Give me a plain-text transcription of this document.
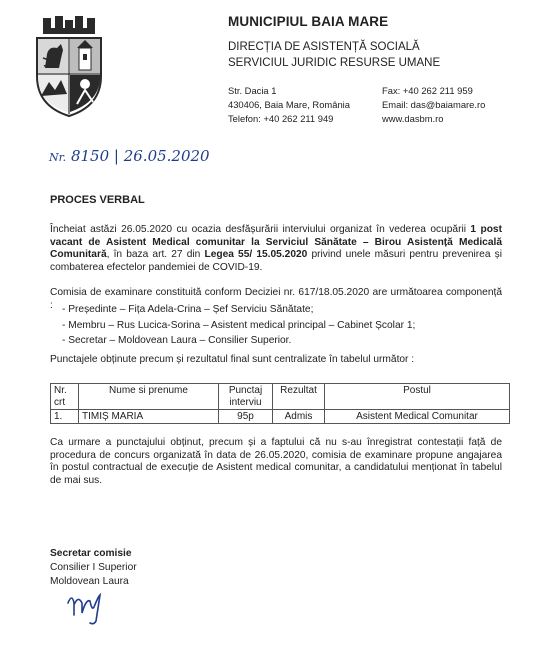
MUNICIPIUL BAIA MARE
DIRECȚIA DE ASISTENȚĂ SOCIALĂ
SERVICIUL JURIDIC RESURSE UMANE
Str. Dacia 1
430406, Baia Mare, România
Telefon: +40 262 211 949
Fax: +40 262 211 959
Email: das@baiamare.ro
www.dasbm.ro
Nr. 8150 | 26.05.2020
PROCES VERBAL
Încheiat astăzi 26.05.2020 cu ocazia desfășurării interviului organizat în vederea ocupării 1 post vacant de Asistent Medical comunitar la Serviciul Sănătate – Birou Asistență Medicală Comunitară, în baza art. 27 din Legea 55/ 15.05.2020 privind unele măsuri pentru prevenirea și combaterea efectelor pandemiei de COVID-19.
Comisia de examinare constituită conform Deciziei nr. 617/18.05.2020 are următoarea componență : - Președinte – Fița Adela-Crina – Șef Serviciu Sănătate;
- Membru – Rus Lucica-Sorina – Asistent medical principal – Cabinet Școlar 1;
- Secretar – Moldovean Laura – Consilier Superior.
Punctajele obținute precum și rezultatul final sunt centralizate în tabelul următor :
Nr. crt	Nume si prenume	Punctaj interviu	Rezultat	Postul
1.	TIMIȘ MARIA	95p	Admis	Asistent Medical Comunitar
Ca urmare a punctajului obținut, precum și a faptului că nu s-au înregistrat contestații față de procedura de concurs organizată în data de 26.05.2020, comisia de examinare propune angajarea în postul contractual de execuție de Asistent medical comunitar, a candidatului menționat în tabelul de mai sus.
Secretar comisie
Consilier I Superior
Moldovean Laura
